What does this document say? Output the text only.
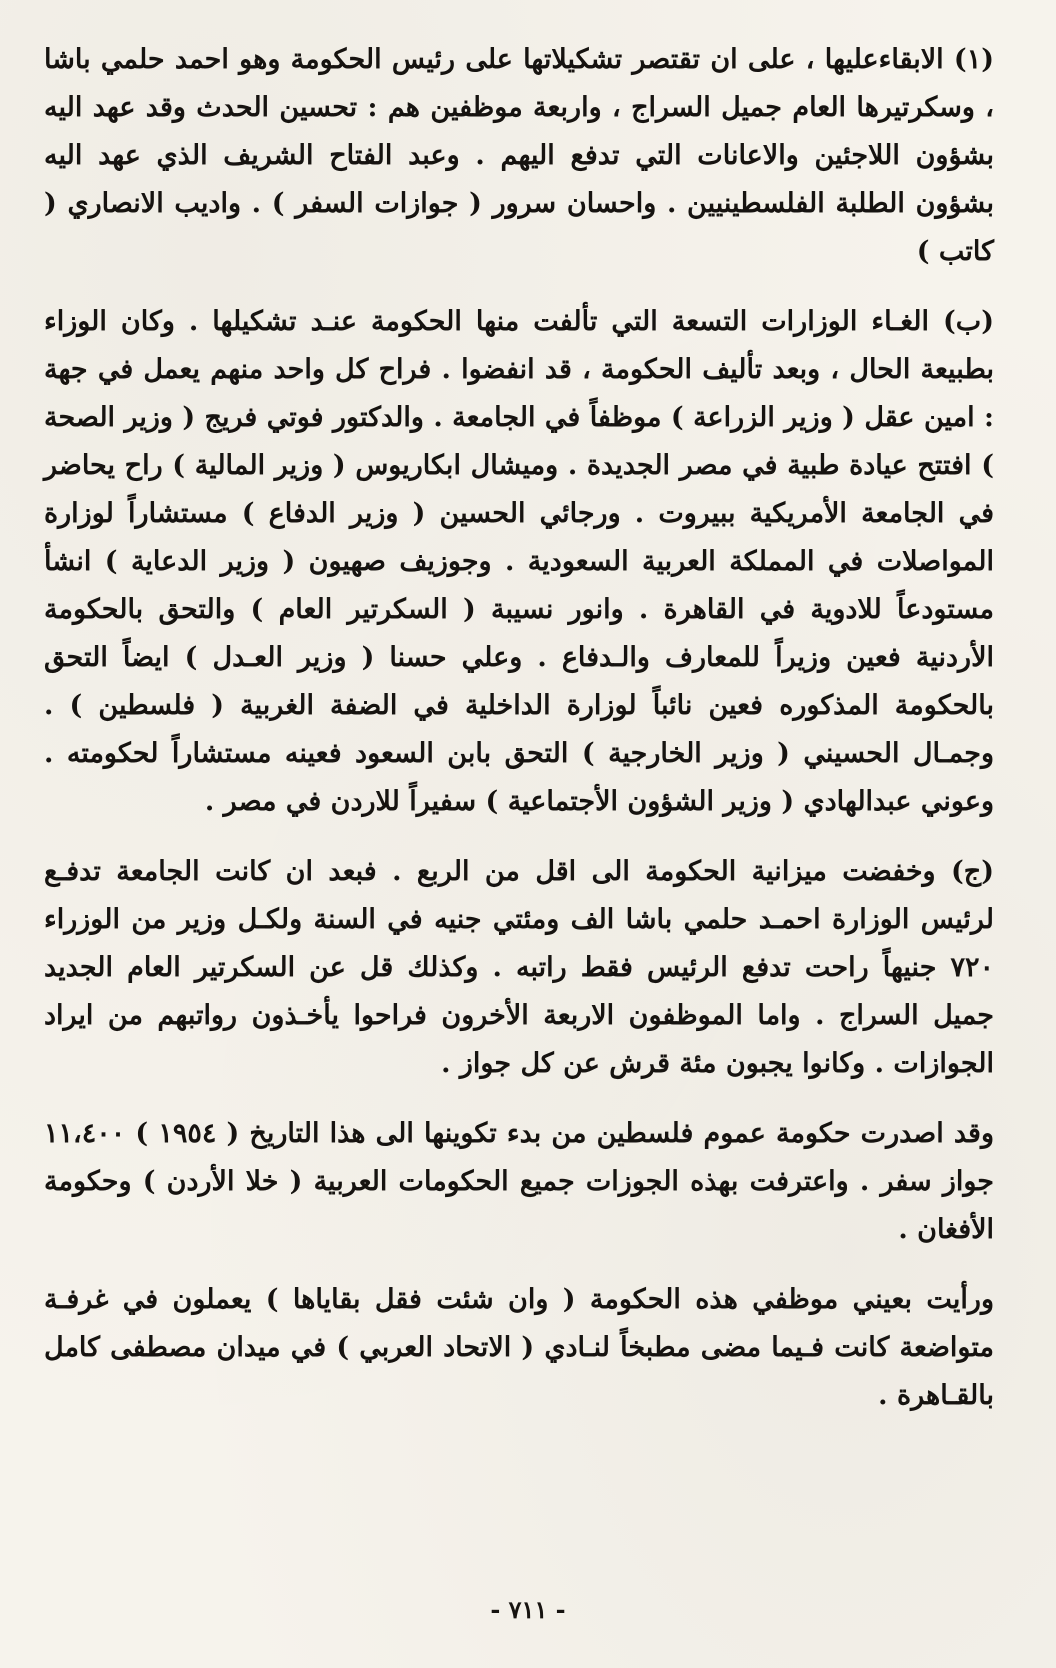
(١) الابقاءعليها ، على ان تقتصر تشكيلاتها على رئيس الحكومة وهو احمد حلمي باشا ، وسكرتيرها العام جميل السراج ، واربعة موظفين هم : تحسين الحدث وقد عهد اليه بشؤون اللاجئين والاعانات التي تدفع اليهم . وعبد الفتاح الشريف الذي عهد اليه بشؤون الطلبة الفلسطينيين . واحسان سرور ( جوازات السفر ) . واديب الانصاري ( كاتب )

(ب) الغـاء الوزارات التسعة التي تألفت منها الحكومة عنـد تشكيلها . وكان الوزاء بطبيعة الحال ، وبعد تأليف الحكومة ، قد انفضوا . فراح كل واحد منهم يعمل في جهة : امين عقل ( وزير الزراعة ) موظفاً في الجامعة . والدكتور فوتي فريج ( وزير الصحة ) افتتح عيادة طبية في مصر الجديدة . وميشال ابكاريوس ( وزير المالية ) راح يحاضر في الجامعة الأمريكية ببيروت . ورجائي الحسين ( وزير الدفاع ) مستشاراً لوزارة المواصلات في المملكة العربية السعودية . وجوزيف صهيون ( وزير الدعاية ) انشأ مستودعاً للادوية في القاهرة . وانور نسيبة ( السكرتير العام ) والتحق بالحكومة الأردنية فعين وزيراً للمعارف والـدفاع . وعلي حسنا ( وزير العـدل ) ايضاً التحق بالحكومة المذكوره فعين نائباً لوزارة الداخلية في الضفة الغربية ( فلسطين ) . وجمـال الحسيني ( وزير الخارجية ) التحق بابن السعود فعينه مستشاراً لحكومته . وعوني عبدالهادي ( وزير الشؤون الأجتماعية ) سفيراً للاردن في مصر .

(ج) وخفضت ميزانية الحكومة الى اقل من الربع . فبعد ان كانت الجامعة تدفـع لرئيس الوزارة احمـد حلمي باشا الف ومئتي جنيه في السنة ولكـل وزير من الوزراء ٧٢٠ جنيهاً راحت تدفع الرئيس فقط راتبه . وكذلك قل عن السكرتير العام الجديد جميل السراج . واما الموظفون الاربعة الأخرون فراحوا يأخـذون رواتبهم من ايراد الجوازات . وكانوا يجبون مئة قرش عن كل جواز .

وقد اصدرت حكومة عموم فلسطين من بدء تكوينها الى هذا التاريخ ( ١٩٥٤ ) ١١،٤٠٠ جواز سفر . واعترفت بهذه الجوزات جميع الحكومات العربية ( خلا الأردن ) وحكومة الأفغان .

ورأيت بعيني موظفي هذه الحكومة ( وان شئت فقل بقاياها ) يعملون في غرفـة متواضعة كانت فـيما مضى مطبخاً لنـادي ( الاتحاد العربي ) في ميدان مصطفى كامل بالقـاهرة .

- ٧١١ -
